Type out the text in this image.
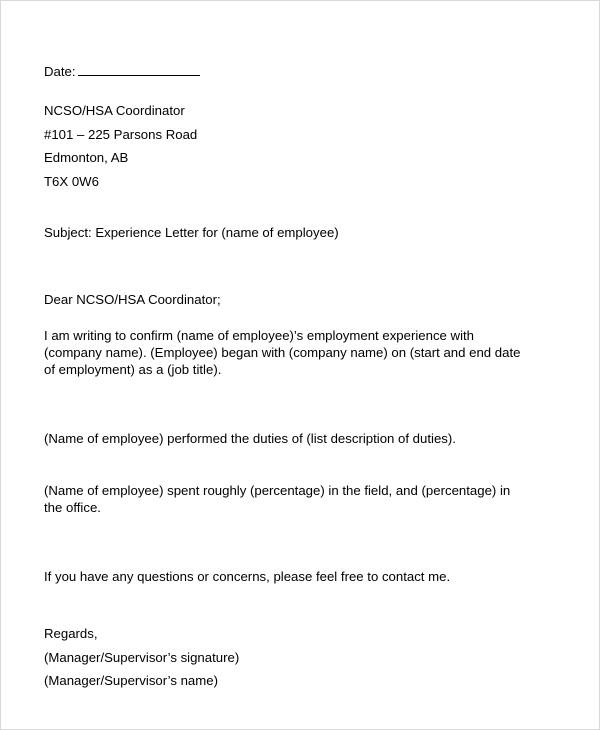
Date:
NCSO/HSA Coordinator
#101 – 225 Parsons Road
Edmonton, AB
T6X 0W6
Subject: Experience Letter for (name of employee)
Dear NCSO/HSA Coordinator;
I am writing to confirm (name of employee)’s employment experience with (company name). (Employee) began with (company name) on (start and end date of employment) as a (job title).
(Name of employee) performed the duties of (list description of duties).
(Name of employee) spent roughly (percentage) in the field, and (percentage) in the office.
If you have any questions or concerns, please feel free to contact me.
Regards,
(Manager/Supervisor’s signature)
(Manager/Supervisor’s name)
